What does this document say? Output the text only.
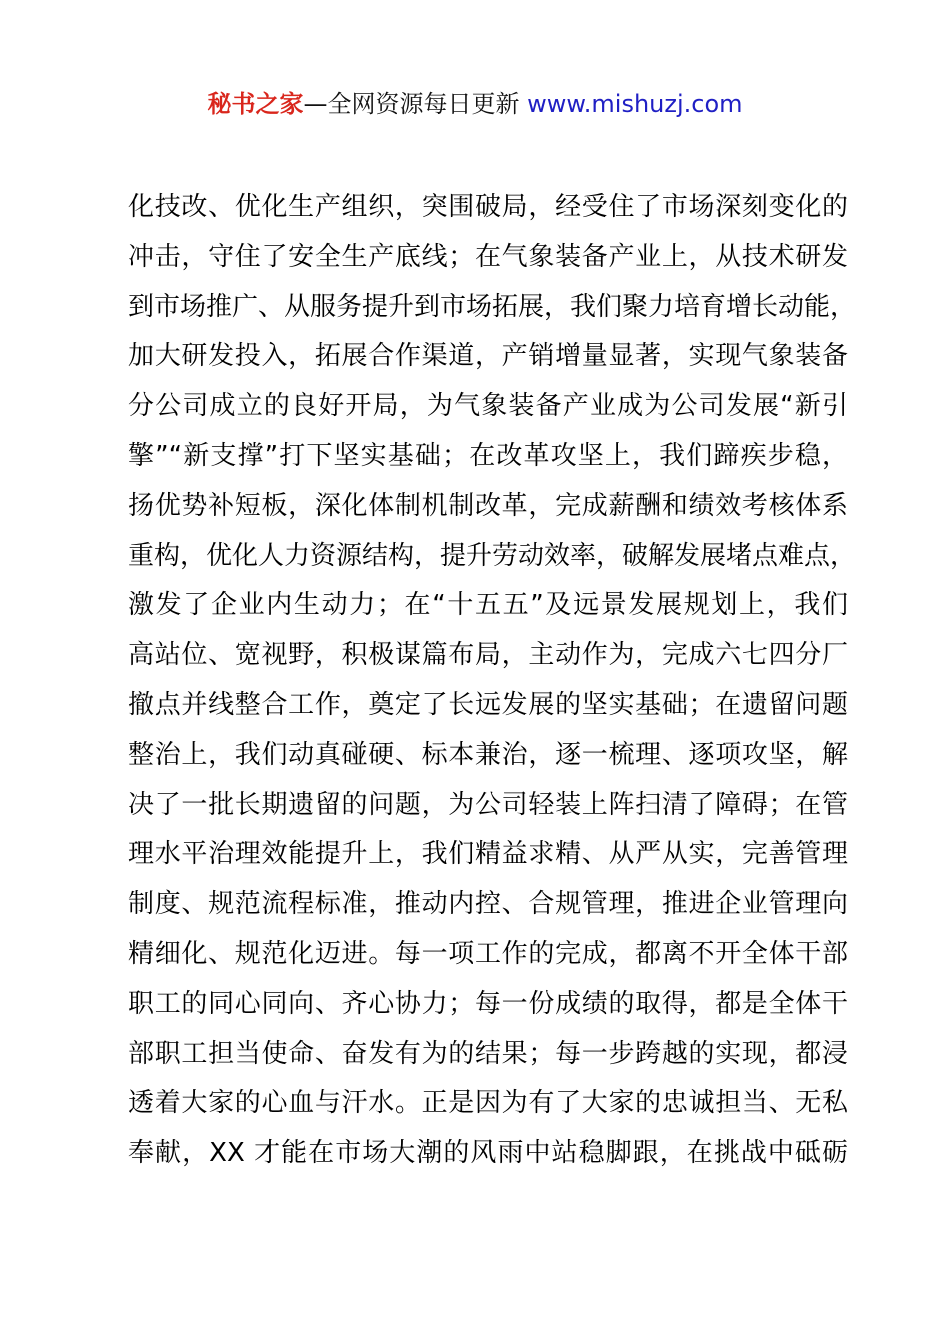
秘书之家—全网资源每日更新 www.mishuzj.com
化技改、优化生产组织，突围破局，经受住了市场深刻变化的
冲击，守住了安全生产底线；在气象装备产业上，从技术研发
到市场推广、从服务提升到市场拓展，我们聚力培育增长动能，
加大研发投入，拓展合作渠道，产销增量显著，实现气象装备
分公司成立的良好开局，为气象装备产业成为公司发展“新引
擎”“新支撑”打下坚实基础；在改革攻坚上，我们蹄疾步稳，
扬优势补短板，深化体制机制改革，完成薪酬和绩效考核体系
重构，优化人力资源结构，提升劳动效率，破解发展堵点难点，
激发了企业内生动力；在“十五五”及远景发展规划上，我们
高站位、宽视野，积极谋篇布局，主动作为，完成六七四分厂
撤点并线整合工作，奠定了长远发展的坚实基础；在遗留问题
整治上，我们动真碰硬、标本兼治，逐一梳理、逐项攻坚，解
决了一批长期遗留的问题，为公司轻装上阵扫清了障碍；在管
理水平治理效能提升上，我们精益求精、从严从实，完善管理
制度、规范流程标准，推动内控、合规管理，推进企业管理向
精细化、规范化迈进。每一项工作的完成，都离不开全体干部
职工的同心同向、齐心协力；每一份成绩的取得，都是全体干
部职工担当使命、奋发有为的结果；每一步跨越的实现，都浸
透着大家的心血与汗水。正是因为有了大家的忠诚担当、无私
奉献，XX 才能在市场大潮的风雨中站稳脚跟，在挑战中砥砺
